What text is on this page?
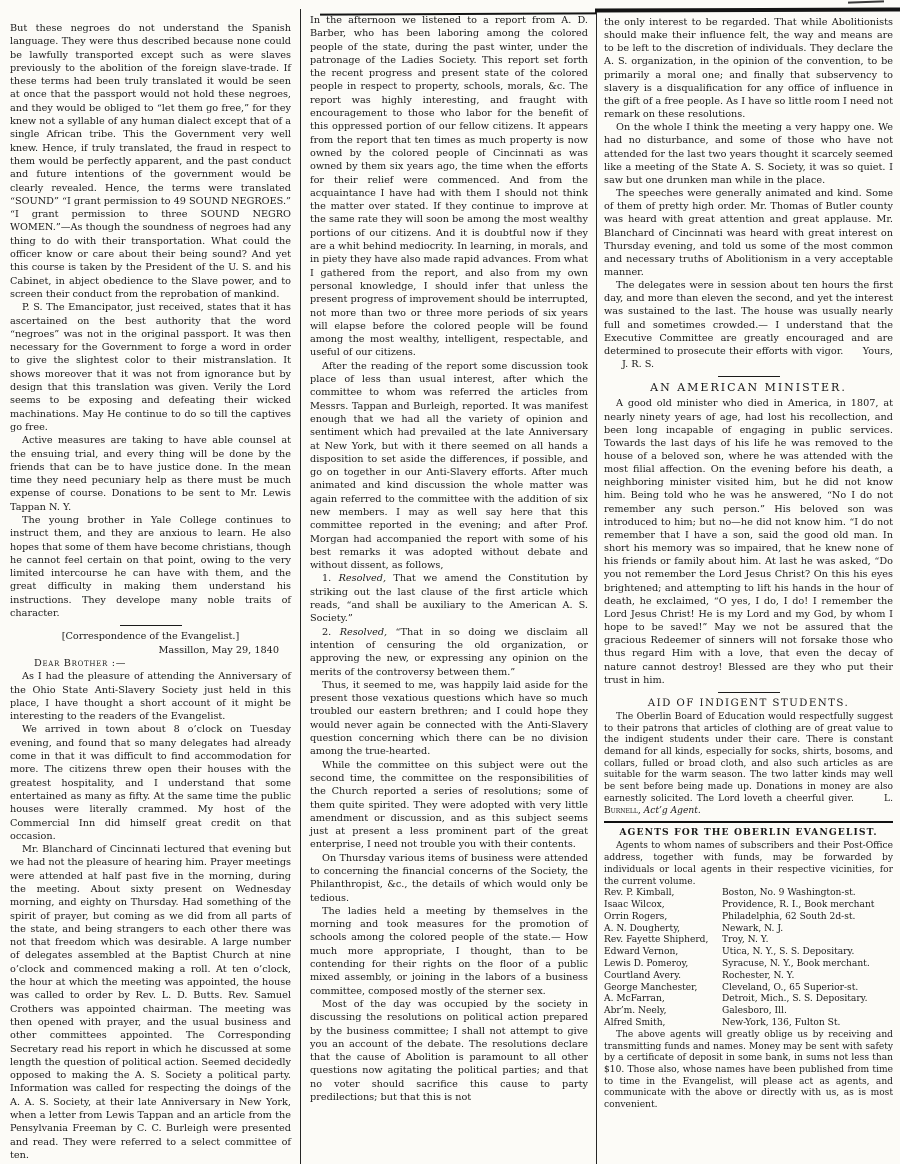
But these negroes do not understand the Spanish language. They were thus described because none could be lawfully transported except such as were slaves previously to the abolition of the foreign slave-trade. If these terms had been truly translated it would be seen at once that the passport would not hold these negroes, and they would be obliged to “let them go free,” for they knew not a syllable of any human dialect except that of a single African tribe. This the Government very well knew. Hence, if truly translated, the fraud in respect to them would be perfectly apparent, and the past conduct and future intentions of the government would be clearly revealed. Hence, the terms were translated “SOUND” “I grant permission to 49 SOUND NEGROES.” “I grant permission to three SOUND NEGRO WOMEN.”—As though the soundness of negroes had any thing to do with their transportation. What could the officer know or care about their being sound? And yet this course is taken by the President of the U. S. and his Cabinet, in abject obedience to the Slave power, and to screen their conduct from the reprobation of mankind.

P. S. The Emancipator, just received, states that it has ascertained on the best authority that the word “negroes” was not in the original passport. It was then necessary for the Government to forge a word in order to give the slightest color to their mistranslation. It shows moreover that it was not from ignorance but by design that this translation was given. Verily the Lord seems to be exposing and defeating their wicked machinations. May He continue to do so till the captives go free.

Active measures are taking to have able counsel at the ensuing trial, and every thing will be done by the friends that can be to have justice done. In the mean time they need pecuniary help as there must be much expense of course. Donations to be sent to Mr. Lewis Tappan N. Y.

The young brother in Yale College continues to instruct them, and they are anxious to learn. He also hopes that some of them have become christians, though he cannot feel certain on that point, owing to the very limited intercourse he can have with them, and the great difficulty in making them understand his instructions. They develope many noble traits of character.

[Correspondence of the Evangelist.]

Massillon, May 29, 1840

Dear Brother :—

As I had the pleasure of attending the Anniversary of the Ohio State Anti-Slavery Society just held in this place, I have thought a short account of it might be interesting to the readers of the Evangelist.

We arrived in town about 8 o’clock on Tuesday evening, and found that so many delegates had already come in that it was difficult to find accommodation for more. The citizens threw open their houses with the greatest hospitality, and I understand that some entertained as many as fifty. At the same time the public houses were literally crammed. My host of the Commercial Inn did himself great credit on that occasion.

Mr. Blanchard of Cincinnati lectured that evening but we had not the pleasure of hearing him. Prayer meetings were attended at half past five in the morning, during the meeting. About sixty present on Wednesday morning, and eighty on Thursday. Had something of the spirit of prayer, but coming as we did from all parts of the state, and being strangers to each other there was not that freedom which was desirable. A large number of delegates assembled at the Baptist Church at nine o’clock and commenced making a roll. At ten o’clock, the hour at which the meeting was appointed, the house was called to order by Rev. L. D. Butts. Rev. Samuel Crothers was appointed chairman. The meeting was then opened with prayer, and the usual business and other committees appointed. The Corresponding Secretary read his report in which he discussed at some length the question of political action. Seemed decidedly opposed to making the A. S. Society a political party. Information was called for respecting the doings of the A. A. S. Society, at their late Anniversary in New York, when a letter from Lewis Tappan and an article from the Pensylvania Freeman by C. C. Burleigh were presented and read. They were referred to a select committee of ten.

In the afternoon we listened to a report from A. D. Barber, who has been laboring among the colored people of the state, during the past winter, under the patronage of the Ladies Society. This report set forth the recent progress and present state of the colored people in respect to property, schools, morals, &c. The report was highly interesting, and fraught with encouragement to those who labor for the benefit of this oppressed portion of our fellow citizens. It appears from the report that ten times as much property is now owned by the colored people of Cincinnati as was owned by them six years ago, the time when the efforts for their relief were commenced. And from the acquaintance I have had with them I should not think the matter over stated. If they continue to improve at the same rate they will soon be among the most wealthy portions of our citizens. And it is doubtful now if they are a whit behind mediocrity. In learning, in morals, and in piety they have also made rapid advances. From what I gathered from the report, and also from my own personal knowledge, I should infer that unless the present progress of improvement should be interrupted, not more than two or three more periods of six years will elapse before the colored people will be found among the most wealthy, intelligent, respectable, and useful of our citizens.

After the reading of the report some discussion took place of less than usual interest, after which the committee to whom was referred the articles from Messrs. Tappan and Burleigh, reported. It was manifest enough that we had all the variety of opinion and sentiment which had prevailed at the late Anniversary at New York, but with it there seemed on all hands a disposition to set aside the differences, if possible, and go on together in our Anti-Slavery efforts. After much animated and kind discussion the whole matter was again referred to the committee with the addition of six new members. I may as well say here that this committee reported in the evening; and after Prof. Morgan had accompanied the report with some of his best remarks it was adopted without debate and without dissent, as follows,

1. Resolved, That we amend the Constitution by striking out the last clause of the first article which reads, “and shall be auxiliary to the American A. S. Society.”

2. Resolved, “That in so doing we disclaim all intention of censuring the old organization, or approving the new, or expressing any opinion on the merits of the controversy between them.”

Thus, it seemed to me, was happily laid aside for the present those vexatious questions which have so much troubled our eastern brethren; and I could hope they would never again be connected with the Anti-Slavery question concerning which there can be no division among the true-hearted.

While the committee on this subject were out the second time, the committee on the responsibilities of the Church reported a series of resolutions; some of them quite spirited. They were adopted with very little amendment or discussion, and as this subject seems just at present a less prominent part of the great enterprise, I need not trouble you with their contents.

On Thursday various items of business were attended to concerning the financial concerns of the Society, the Philanthropist, &c., the details of which would only be tedious.

The ladies held a meeting by themselves in the morning and took measures for the promotion of schools among the colored people of the state.— How much more appropriate, I thought, than to be contending for their rights on the floor of a public mixed assembly, or joining in the labors of a business committee, composed mostly of the sterner sex.

Most of the day was occupied by the society in discussing the resolutions on political action prepared by the business committee; I shall not attempt to give you an account of the debate. The resolutions declare that the cause of Abolition is paramount to all other questions now agitating the political parties; and that no voter should sacrifice this cause to party predilections; but that this is not

the only interest to be regarded. That while Abolitionists should make their influence felt, the way and means are to be left to the discretion of individuals. They declare the A. S. organization, in the opinion of the convention, to be primarily a moral one; and finally that subservency to slavery is a disqualification for any office of influence in the gift of a free people. As I have so little room I need not remark on these resolutions.

On the whole I think the meeting a very happy one. We had no disturbance, and some of those who have not attended for the last two years thought it scarcely seemed like a meeting of the State A. S. Society, it was so quiet. I saw but one drunken man while in the place.

The speeches were generally animated and kind. Some of them of pretty high order. Mr. Thomas of Butler county was heard with great attention and great applause. Mr. Blanchard of Cincinnati was heard with great interest on Thursday evening, and told us some of the most common and necessary truths of Abolitionism in a very acceptable manner.

The delegates were in session about ten hours the first day, and more than eleven the second, and yet the interest was sustained to the last. The house was usually nearly full and sometimes crowded.— I understand that the Executive Committee are greatly encouraged and are determined to prosecute their efforts with vigor. Yours, J. R. S.

AN AMERICAN MINISTER.

A good old minister who died in America, in 1807, at nearly ninety years of age, had lost his recollection, and been long incapable of engaging in public services. Towards the last days of his life he was removed to the house of a beloved son, where he was attended with the most filial affection. On the evening before his death, a neighboring minister visited him, but he did not know him. Being told who he was he answered, “No I do not remember any such person.” His beloved son was introduced to him; but no—he did not know him. “I do not remember that I have a son, said the good old man. In short his memory was so impaired, that he knew none of his friends or family about him. At last he was asked, “Do you not remember the Lord Jesus Christ? On this his eyes brightened; and attempting to lift his hands in the hour of death, he exclaimed, “O yes, I do, I do! I remember the Lord Jesus Christ! He is my Lord and my God, by whom I hope to be saved!” May we not be assured that the gracious Redeemer of sinners will not forsake those who thus regard Him with a love, that even the decay of nature cannot destroy! Blessed are they who put their trust in him.

AID OF INDIGENT STUDENTS.

The Oberlin Board of Education would respectfully suggest to their patrons that articles of clothing are of great value to the indigent students under their care. There is constant demand for all kinds, especially for socks, shirts, bosoms, and collars, fulled or broad cloth, and also such articles as are suitable for the warm season. The two latter kinds may well be sent before being made up. Donations in money are also earnestly solicited. The Lord loveth a cheerful giver.	L. Burnell, Act’g Agent.

AGENTS FOR THE OBERLIN EVANGELIST.

Agents to whom names of subscribers and their Post-Office address, together with funds, may be forwarded by individuals or local agents in their respective vicinities, for the current volume.

Rev. P. Kimball,	Boston, No. 9 Washington-st.
Isaac Wilcox,	Providence, R. I., Book merchant
Orrin Rogers,	Philadelphia, 62 South 2d-st.
A. N. Dougherty,	Newark, N. J.
Rev. Fayette Shipherd,	Troy, N. Y.
Edward Vernon,	Utica, N. Y., S. S. Depositary.
Lewis D. Pomeroy,	Syracuse, N. Y., Book merchant.
Courtland Avery.	Rochester, N. Y.
George Manchester,	Cleveland, O., 65 Superior-st.
A. McFarran,	Detroit, Mich., S. S. Depositary.
Abr’m. Neely,	Galesboro, Ill.
Alfred Smith,	New-York, 136, Fulton St.

The above agents will greatly oblige us by receiving and transmitting funds and names. Money may be sent with safety by a certificate of deposit in some bank, in sums not less than $10. Those also, whose names have been published from time to time in the Evangelist, will please act as agents, and communicate with the above or directly with us, as is most convenient.
